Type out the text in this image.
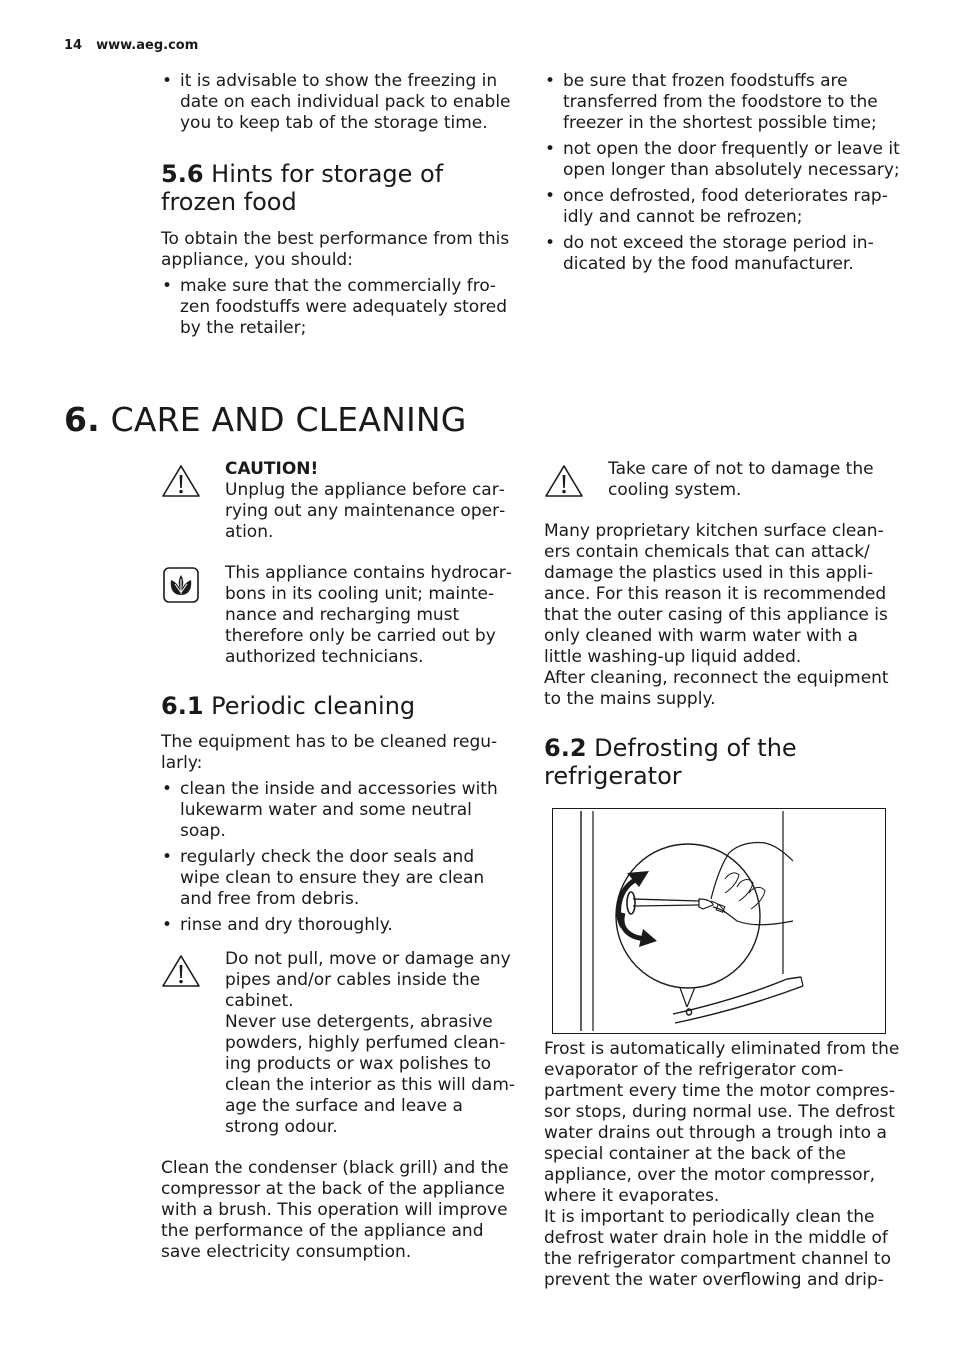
14 www.aeg.com
• it is advisable to show the freezing in date on each individual pack to enable you to keep tab of the storage time.
5.6 Hints for storage of frozen food

To obtain the best performance from this appliance, you should:

• make sure that the commercially frozen foodstuffs were adequately stored by the retailer;
• be sure that frozen foodstuffs are transferred from the foodstore to the freezer in the shortest possible time;
• not open the door frequently or leave it open longer than absolutely necessary;
• once defrosted, food deteriorates rapidly and cannot be refrozen;
• do not exceed the storage period indicated by the food manufacturer.
6. CARE AND CLEANING

CAUTION!

Unplug the appliance before carrying out any maintenance operation.

This appliance contains hydrocarbons in its cooling unit; maintenance and recharging must therefore only be carried out by authorized technicians.

6.1 Periodic cleaning

The equipment has to be cleaned regularly:

• clean the inside and accessories with lukewarm water and some neutral soap.
• regularly check the door seals and wipe clean to ensure they are clean and free from debris.
• rinse and dry thoroughly.

Do not pull, move or damage any pipes and/or cables inside the cabinet.

Never use detergents, abrasive powders, highly perfumed cleaning products or wax polishes to clean the interior as this will damage the surface and leave a strong odour.

Clean the condenser (black grill) and the compressor at the back of the appliance with a brush. This operation will improve the performance of the appliance and save electricity consumption.

Take care of not to damage the cooling system.

Many proprietary kitchen surface cleaners contain chemicals that can attack/ damage the plastics used in this appliance. For this reason it is recommended that the outer casing of this appliance is only cleaned with warm water with a little washing-up liquid added.

After cleaning, reconnect the equipment to the mains supply.

6.2 Defrosting of the refrigerator

Frost is automatically eliminated from the evaporator of the refrigerator compartment every time the motor compressor stops, during normal use. The defrost water drains out through a trough into a special container at the back of the appliance, over the motor compressor, where it evaporates.

It is important to periodically clean the defrost water drain hole in the middle of the refrigerator compartment channel to prevent the water overflowing and drip-
